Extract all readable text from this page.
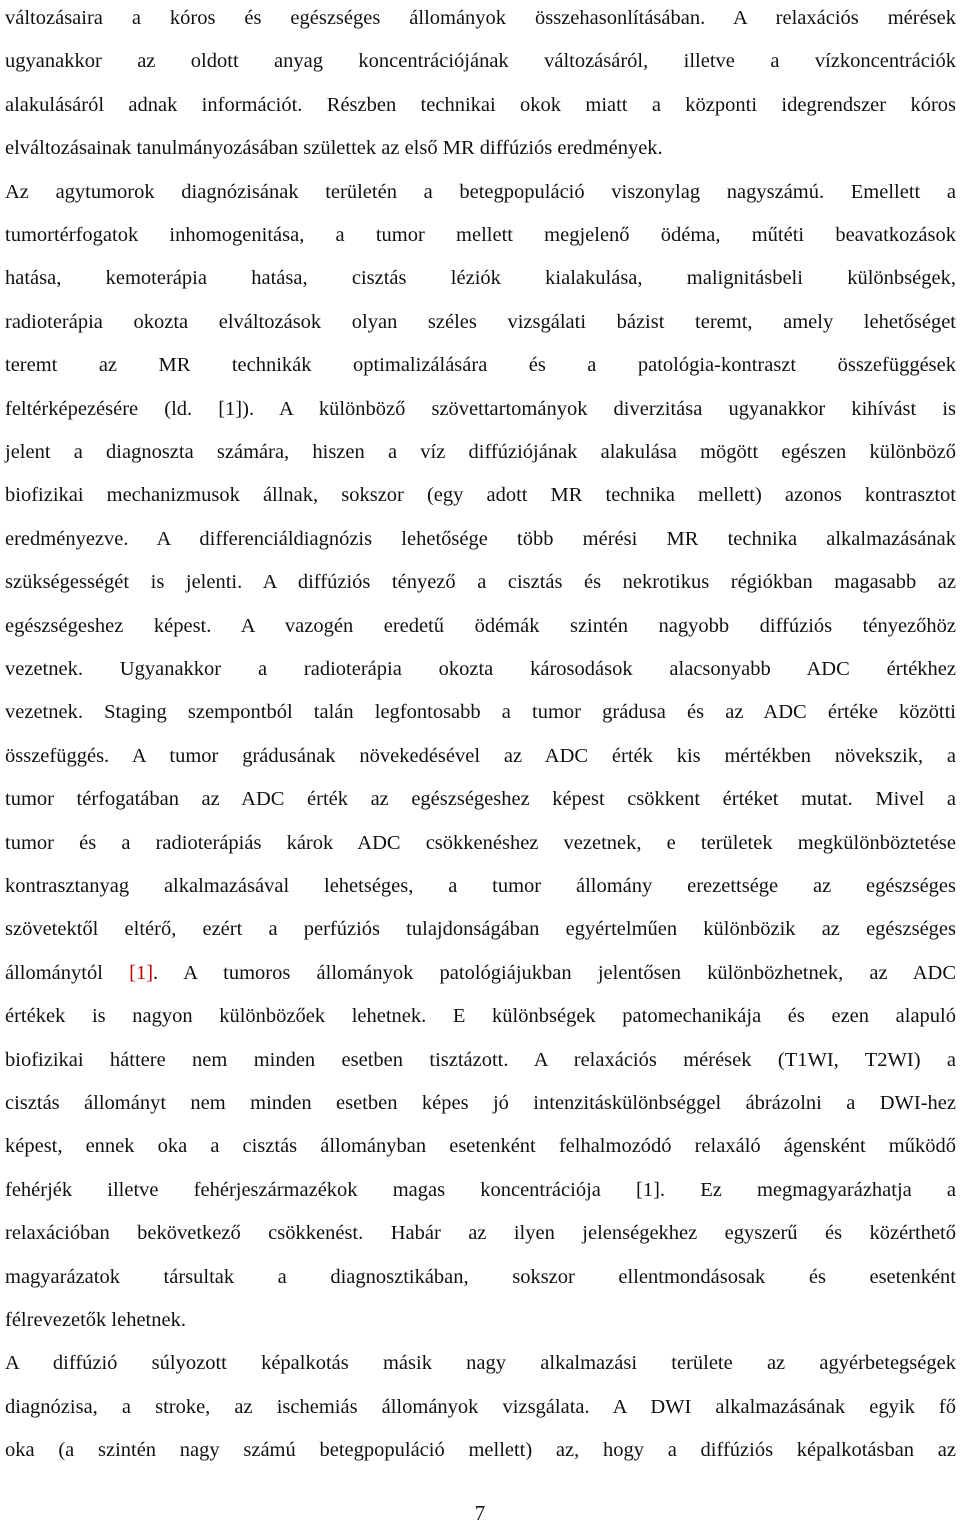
változásaira a kóros és egészséges állományok összehasonlításában. A relaxációs mérések
ugyanakkor az oldott anyag koncentrációjának változásáról, illetve a vízkoncentrációk
alakulásáról adnak információt. Részben technikai okok miatt a központi idegrendszer kóros
elváltozásainak tanulmányozásában születtek az első MR diffúziós eredmények.
Az agytumorok diagnózisának területén a betegpopuláció viszonylag nagyszámú. Emellett a
tumortérfogatok inhomogenitása, a tumor mellett megjelenő ödéma, műtéti beavatkozások
hatása, kemoterápia hatása, cisztás léziók kialakulása, malignitásbeli különbségek,
radioterápia okozta elváltozások olyan széles vizsgálati bázist teremt, amely lehetőséget
teremt az MR technikák optimalizálására és a patológia-kontraszt összefüggések
feltérképezésére (ld. [1]). A különböző szövettartományok diverzitása ugyanakkor kihívást is
jelent a diagnoszta számára, hiszen a víz diffúziójának alakulása mögött egészen különböző
biofizikai mechanizmusok állnak, sokszor (egy adott MR technika mellett) azonos kontrasztot
eredményezve. A differenciáldiagnózis lehetősége több mérési MR technika alkalmazásának
szükségességét is jelenti. A diffúziós tényező a cisztás és nekrotikus régiókban magasabb az
egészségeshez képest. A vazogén eredetű ödémák szintén nagyobb diffúziós tényezőhöz
vezetnek. Ugyanakkor a radioterápia okozta károsodások alacsonyabb ADC értékhez
vezetnek. Staging szempontból talán legfontosabb a tumor grádusa és az ADC értéke közötti
összefüggés. A tumor grádusának növekedésével az ADC érték kis mértékben növekszik, a
tumor térfogatában az ADC érték az egészségeshez képest csökkent értéket mutat. Mivel a
tumor és a radioterápiás károk ADC csökkenéshez vezetnek, e területek megkülönböztetése
kontrasztanyag alkalmazásával lehetséges, a tumor állomány erezettsége az egészséges
szövetektől eltérő, ezért a perfúziós tulajdonságában egyértelműen különbözik az egészséges
állománytól [1]. A tumoros állományok patológiájukban jelentősen különbözhetnek, az ADC
értékek is nagyon különbözőek lehetnek. E különbségek patomechanikája és ezen alapuló
biofizikai háttere nem minden esetben tisztázott. A relaxációs mérések (T1WI, T2WI) a
cisztás állományt nem minden esetben képes jó intenzitáskülönbséggel ábrázolni a DWI-hez
képest, ennek oka a cisztás állományban esetenként felhalmozódó relaxáló ágensként működő
fehérjék illetve fehérjeszármazékok magas koncentrációja [1]. Ez megmagyarázhatja a
relaxációban bekövetkező csökkenést. Habár az ilyen jelenségekhez egyszerű és közérthető
magyarázatok társultak a diagnosztikában, sokszor ellentmondásosak és esetenként
félrevezetők lehetnek.
A diffúzió súlyozott képalkotás másik nagy alkalmazási területe az agyérbetegségek
diagnózisa, a stroke, az ischemiás állományok vizsgálata. A DWI alkalmazásának egyik fő
oka (a szintén nagy számú betegpopuláció mellett) az, hogy a diffúziós képalkotásban az
7
